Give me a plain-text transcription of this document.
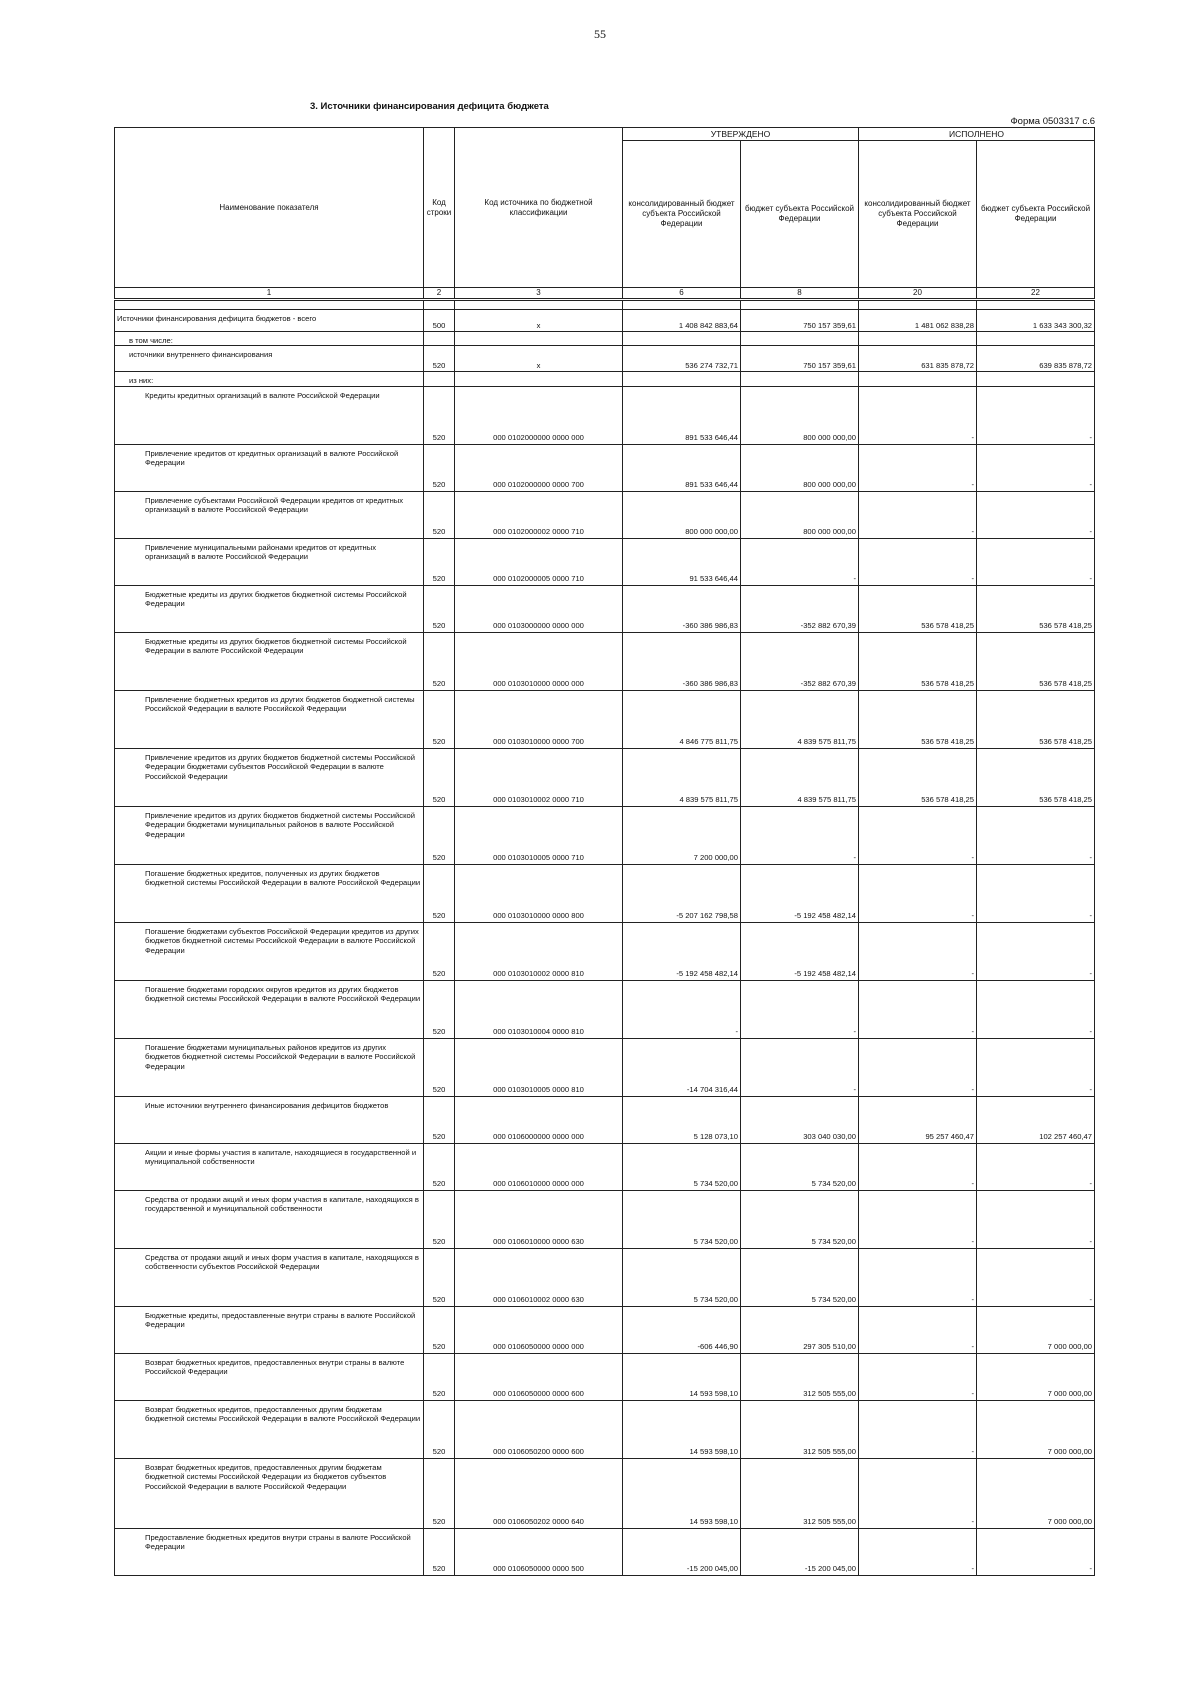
55
3. Источники финансирования дефицита бюджета
Форма 0503317 с.6
Наименование показателя	Код строки	Код источника по бюджетной классификации	УТВЕРЖДЕНО		ИСПОЛНЕНО	
			консолидированный бюджет субъекта Российской Федерации	бюджет субъекта Российской Федерации	консолидированный бюджет субъекта Российской Федерации	бюджет субъекта Российской Федерации
1	2	3	6	8	20	22

Источники финансирования дефицита бюджетов - всего	500	x	1 408 842 883,64	750 157 359,61	1 481 062 838,28	1 633 343 300,32
в том числе:						
источники внутреннего финансирования	520	x	536 274 732,71	750 157 359,61	631 835 878,72	639 835 878,72
из них:						
Кредиты кредитных организаций в валюте Российской Федерации	520	000 0102000000 0000 000	891 533 646,44	800 000 000,00	-	-
Привлечение кредитов от кредитных организаций в валюте Российской Федерации	520	000 0102000000 0000 700	891 533 646,44	800 000 000,00	-	-
Привлечение субъектами Российской Федерации кредитов от кредитных организаций в валюте Российской Федерации	520	000 0102000002 0000 710	800 000 000,00	800 000 000,00	-	-
Привлечение муниципальными районами кредитов от кредитных организаций в валюте Российской Федерации	520	000 0102000005 0000 710	91 533 646,44	-	-	-
Бюджетные кредиты из других бюджетов бюджетной системы Российской Федерации	520	000 0103000000 0000 000	-360 386 986,83	-352 882 670,39	536 578 418,25	536 578 418,25
Бюджетные кредиты из других бюджетов бюджетной системы Российской Федерации в валюте Российской Федерации	520	000 0103010000 0000 000	-360 386 986,83	-352 882 670,39	536 578 418,25	536 578 418,25
Привлечение бюджетных кредитов из других бюджетов бюджетной системы Российской Федерации в валюте Российской Федерации	520	000 0103010000 0000 700	4 846 775 811,75	4 839 575 811,75	536 578 418,25	536 578 418,25
Привлечение кредитов из других бюджетов бюджетной системы Российской Федерации бюджетами субъектов Российской Федерации в валюте Российской Федерации	520	000 0103010002 0000 710	4 839 575 811,75	4 839 575 811,75	536 578 418,25	536 578 418,25
Привлечение кредитов из других бюджетов бюджетной системы Российской Федерации бюджетами муниципальных районов в валюте Российской Федерации	520	000 0103010005 0000 710	7 200 000,00	-	-	-
Погашение бюджетных кредитов, полученных из других бюджетов бюджетной системы Российской Федерации в валюте Российской Федерации	520	000 0103010000 0000 800	-5 207 162 798,58	-5 192 458 482,14	-	-
Погашение бюджетами субъектов Российской Федерации кредитов из других бюджетов бюджетной системы Российской Федерации в валюте Российской Федерации	520	000 0103010002 0000 810	-5 192 458 482,14	-5 192 458 482,14	-	-
Погашение бюджетами городских округов кредитов из других бюджетов бюджетной системы Российской Федерации в валюте Российской Федерации	520	000 0103010004 0000 810	-	-	-	-
Погашение бюджетами муниципальных районов кредитов из других бюджетов бюджетной системы Российской Федерации в валюте Российской Федерации	520	000 0103010005 0000 810	-14 704 316,44	-	-	-
Иные источники внутреннего финансирования дефицитов бюджетов	520	000 0106000000 0000 000	5 128 073,10	303 040 030,00	95 257 460,47	102 257 460,47
Акции и иные формы участия в капитале, находящиеся в государственной и муниципальной собственности	520	000 0106010000 0000 000	5 734 520,00	5 734 520,00	-	-
Средства от продажи акций и иных форм участия в капитале, находящихся в государственной и муниципальной собственности	520	000 0106010000 0000 630	5 734 520,00	5 734 520,00	-	-
Средства от продажи акций и иных форм участия в капитале, находящихся в собственности субъектов Российской Федерации	520	000 0106010002 0000 630	5 734 520,00	5 734 520,00	-	-
Бюджетные кредиты, предоставленные внутри страны в валюте Российской Федерации	520	000 0106050000 0000 000	-606 446,90	297 305 510,00	-	7 000 000,00
Возврат бюджетных кредитов, предоставленных внутри страны в валюте Российской Федерации	520	000 0106050000 0000 600	14 593 598,10	312 505 555,00	-	7 000 000,00
Возврат бюджетных кредитов, предоставленных другим бюджетам бюджетной системы Российской Федерации в валюте Российской Федерации	520	000 0106050200 0000 600	14 593 598,10	312 505 555,00	-	7 000 000,00
Возврат бюджетных кредитов, предоставленных другим бюджетам бюджетной системы Российской Федерации из бюджетов субъектов Российской Федерации в валюте Российской Федерации	520	000 0106050202 0000 640	14 593 598,10	312 505 555,00	-	7 000 000,00
Предоставление бюджетных кредитов внутри страны в валюте Российской Федерации	520	000 0106050000 0000 500	-15 200 045,00	-15 200 045,00	-	-
